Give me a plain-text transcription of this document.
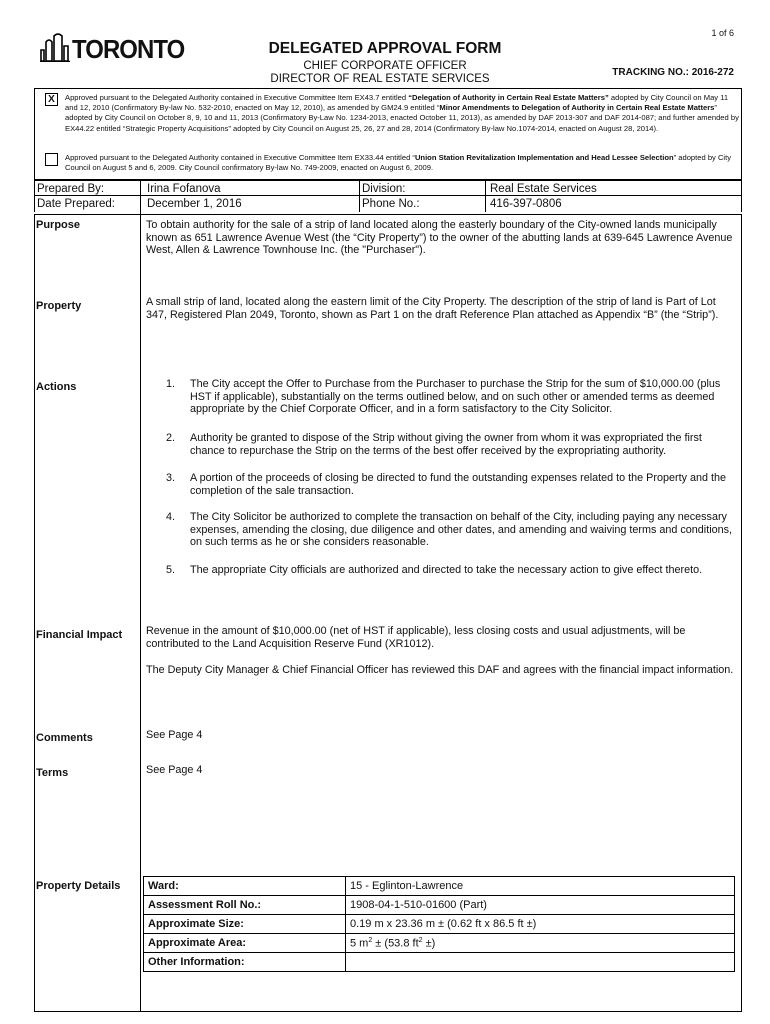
1 of 6
TORONTO	DELEGATED APPROVAL FORM
CHIEF CORPORATE OFFICER
DIRECTOR OF REAL ESTATE SERVICES
TRACKING NO.: 2016-272
X	Approved pursuant to the Delegated Authority contained in Executive Committee Item EX43.7 entitled “Delegation of Authority in Certain Real Estate Matters” adopted by City Council on May 11 and 12, 2010 (Confirmatory By-law No. 532-2010, enacted on May 12, 2010), as amended by GM24.9 entitled “Minor Amendments to Delegation of Authority in Certain Real Estate Matters” adopted by City Council on October 8, 9, 10 and 11, 2013 (Confirmatory By-Law No. 1234-2013, enacted October 11, 2013), as amended by DAF 2013-307 and DAF 2014-087; and further amended by EX44.22 entitled “Strategic Property Acquisitions” adopted by City Council on August 25, 26, 27 and 28, 2014 (Confirmatory By-law No.1074-2014, enacted on August 28, 2014).
Approved pursuant to the Delegated Authority contained in Executive Committee Item EX33.44 entitled “Union Station Revitalization Implementation and Head Lessee Selection” adopted by City Council on August 5 and 6, 2009. City Council confirmatory By-law No. 749-2009, enacted on August 6, 2009.
Prepared By:	Irina Fofanova	Division:	Real Estate Services
Date Prepared:	December 1, 2016	Phone No.:	416-397-0806
Purpose	To obtain authority for the sale of a strip of land located along the easterly boundary of the City-owned lands municipally known as 651 Lawrence Avenue West (the “City Property”) to the owner of the abutting lands at 639-645 Lawrence Avenue West, Allen & Lawrence Townhouse Inc. (the "Purchaser").
Property	A small strip of land, located along the eastern limit of the City Property. The description of the strip of land is Part of Lot 347, Registered Plan 2049, Toronto, shown as Part 1 on the draft Reference Plan attached as Appendix “B” (the “Strip”).
Actions	1. The City accept the Offer to Purchase from the Purchaser to purchase the Strip for the sum of $10,000.00 (plus HST if applicable), substantially on the terms outlined below, and on such other or amended terms as deemed appropriate by the Chief Corporate Officer, and in a form satisfactory to the City Solicitor.
2. Authority be granted to dispose of the Strip without giving the owner from whom it was expropriated the first chance to repurchase the Strip on the terms of the best offer received by the expropriating authority.
3. A portion of the proceeds of closing be directed to fund the outstanding expenses related to the Property and the completion of the sale transaction.
4. The City Solicitor be authorized to complete the transaction on behalf of the City, including paying any necessary expenses, amending the closing, due diligence and other dates, and amending and waiving terms and conditions, on such terms as he or she considers reasonable.
5. The appropriate City officials are authorized and directed to take the necessary action to give effect thereto.
Financial Impact	Revenue in the amount of $10,000.00 (net of HST if applicable), less closing costs and usual adjustments, will be contributed to the Land Acquisition Reserve Fund (XR1012).
The Deputy City Manager & Chief Financial Officer has reviewed this DAF and agrees with the financial impact information.
Comments	See Page 4
Terms	See Page 4
Property Details	Ward:	15 - Eglinton-Lawrence
Assessment Roll No.:	1908-04-1-510-01600 (Part)
Approximate Size:	0.19 m x 23.36 m ± (0.62 ft x 86.5 ft ±)
Approximate Area:	5 $m^2 \pm (53.8$ $ft^2$ ±)
Other Information:	
